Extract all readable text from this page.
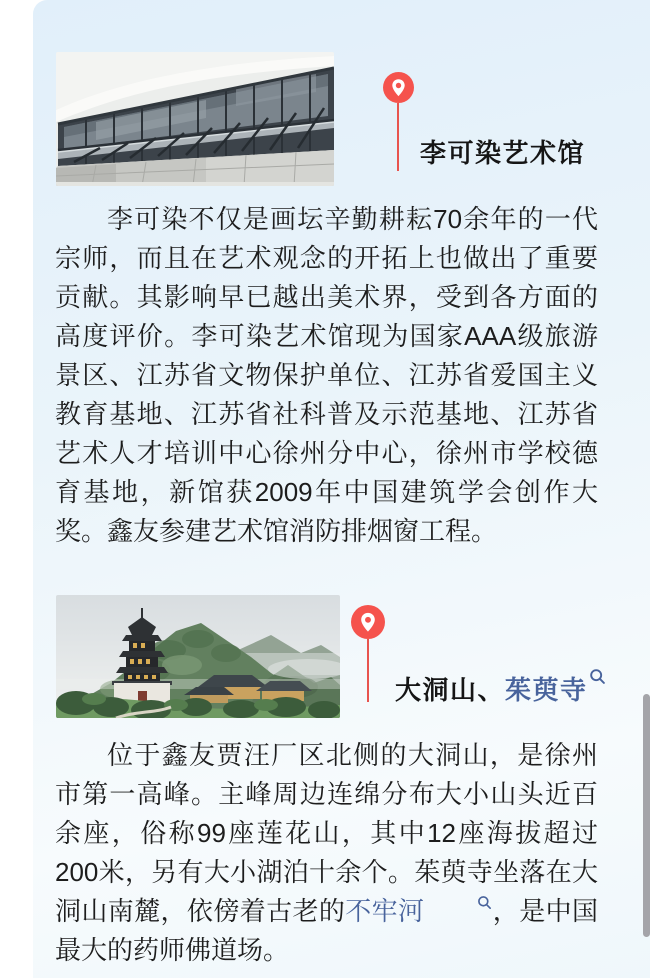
李可染艺术馆

李可染不仅是画坛辛勤耕耘70余年的一代宗师，而且在艺术观念的开拓上也做出了重要贡献。其影响早已越出美术界，受到各方面的高度评价。李可染艺术馆现为国家AAA级旅游景区、江苏省文物保护单位、江苏省爱国主义教育基地、江苏省社科普及示范基地、江苏省艺术人才培训中心徐州分中心，徐州市学校德育基地，新馆获2009年中国建筑学会创作大奖。鑫友参建艺术馆消防排烟窗工程。

大洞山、茱萸寺

位于鑫友贾汪厂区北侧的大洞山，是徐州市第一高峰。主峰周边连绵分布大小山头近百余座，俗称99座莲花山，其中12座海拔超过200米，另有大小湖泊十余个。茱萸寺坐落在大洞山南麓，依傍着古老的不牢河	，是中国最大的药师佛道场。
